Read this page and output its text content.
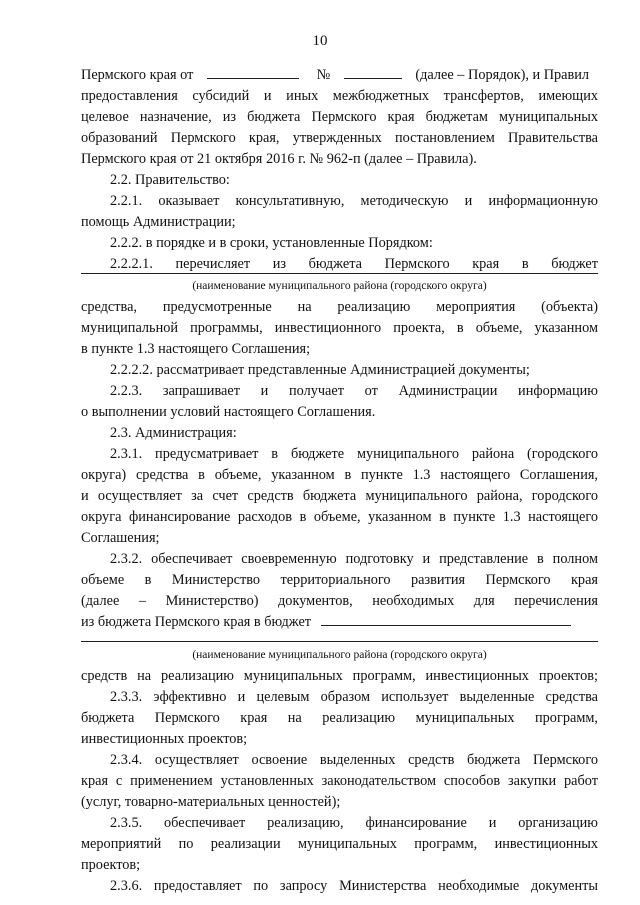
10
Пермского края от	№	(далее – Порядок), и Правил
предоставления субсидий и иных межбюджетных трансфертов, имеющих
целевое назначение, из бюджета Пермского края бюджетам муниципальных
образований Пермского края, утвержденных постановлением Правительства
Пермского края от 21 октября 2016 г. № 962-п (далее – Правила).
2.2. Правительство:
2.2.1. оказывает консультативную, методическую и информационную
помощь Администрации;
2.2.2. в порядке и в сроки, установленные Порядком:
2.2.2.1. перечисляет из бюджета Пермского края в бюджет
(наименование муниципального района (городского округа)
средства, предусмотренные на реализацию мероприятия (объекта)
муниципальной программы, инвестиционного проекта, в объеме, указанном
в пункте 1.3 настоящего Соглашения;
2.2.2.2. рассматривает представленные Администрацией документы;
2.2.3. запрашивает и получает от Администрации информацию
о выполнении условий настоящего Соглашения.
2.3. Администрация:
2.3.1. предусматривает в бюджете муниципального района (городского
округа) средства в объеме, указанном в пункте 1.3 настоящего Соглашения,
и осуществляет за счет средств бюджета муниципального района, городского
округа финансирование расходов в объеме, указанном в пункте 1.3 настоящего
Соглашения;
2.3.2. обеспечивает своевременную подготовку и представление в полном
объеме в Министерство территориального развития Пермского края
(далее – Министерство) документов, необходимых для перечисления
из бюджета Пермского края в бюджет
(наименование муниципального района (городского округа)
средств на реализацию муниципальных программ, инвестиционных проектов;
2.3.3. эффективно и целевым образом использует выделенные средства
бюджета Пермского края на реализацию муниципальных программ,
инвестиционных проектов;
2.3.4. осуществляет освоение выделенных средств бюджета Пермского
края с применением установленных законодательством способов закупки работ
(услуг, товарно-материальных ценностей);
2.3.5. обеспечивает реализацию, финансирование и организацию
мероприятий по реализации муниципальных программ, инвестиционных
проектов;
2.3.6. предоставляет по запросу Министерства необходимые документы
